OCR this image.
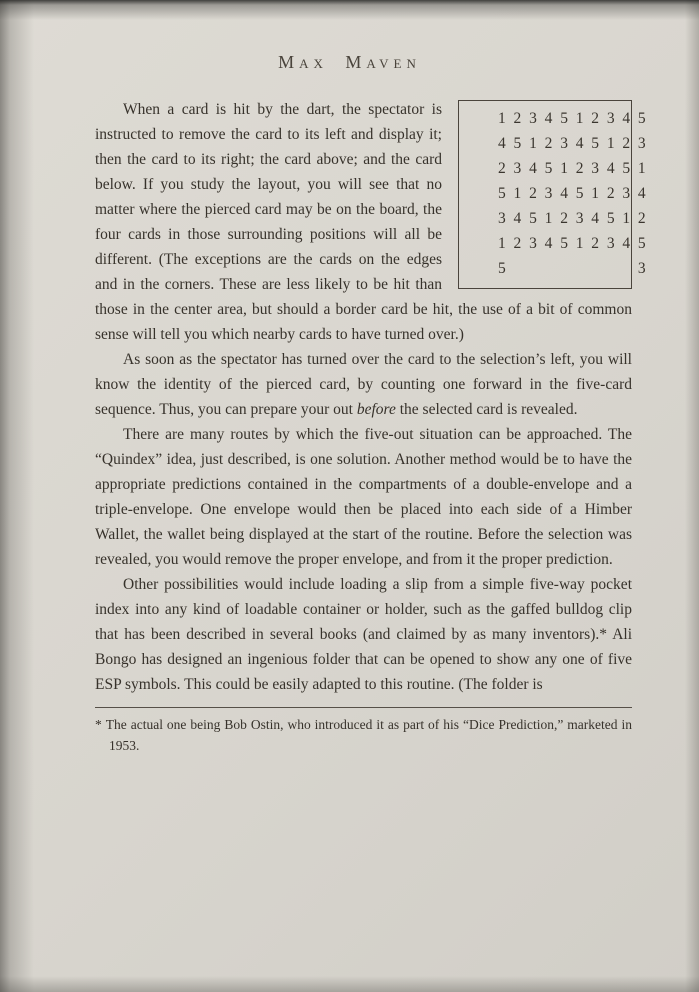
Max Maven

1 2 3 4 5 1 2 3 4 5
4 5 1 2 3 4 5 1 2 3
2 3 4 5 1 2 3 4 5 1
5 1 2 3 4 5 1 2 3 4
3 4 5 1 2 3 4 5 1 2
1 2 3 4 5 1 2 3 4 5
5	3
When a card is hit by the dart, the spectator is instructed to remove the card to its left and display it; then the card to its right; the card above; and the card below. If you study the layout, you will see that no matter where the pierced card may be on the board, the four cards in those surrounding positions will all be different. (The exceptions are the cards on the edges and in the corners. These are less likely to be hit than those in the center area, but should a border card be hit, the use of a bit of common sense will tell you which nearby cards to have turned over.)

As soon as the spectator has turned over the card to the selection’s left, you will know the identity of the pierced card, by counting one forward in the five-card sequence. Thus, you can prepare your out before the selected card is revealed.

There are many routes by which the five-out situation can be approached. The “Quindex” idea, just described, is one solution. Another method would be to have the appropriate predictions contained in the compartments of a double-envelope and a triple-envelope. One envelope would then be placed into each side of a Himber Wallet, the wallet being displayed at the start of the routine. Before the selection was revealed, you would remove the proper envelope, and from it the proper prediction.

Other possibilities would include loading a slip from a simple five-way pocket index into any kind of loadable container or holder, such as the gaffed bulldog clip that has been described in several books (and claimed by as many inventors).* Ali Bongo has designed an ingenious folder that can be opened to show any one of five ESP symbols. This could be easily adapted to this routine. (The folder is

* The actual one being Bob Ostin, who introduced it as part of his “Dice Prediction,” marketed in 1953.
